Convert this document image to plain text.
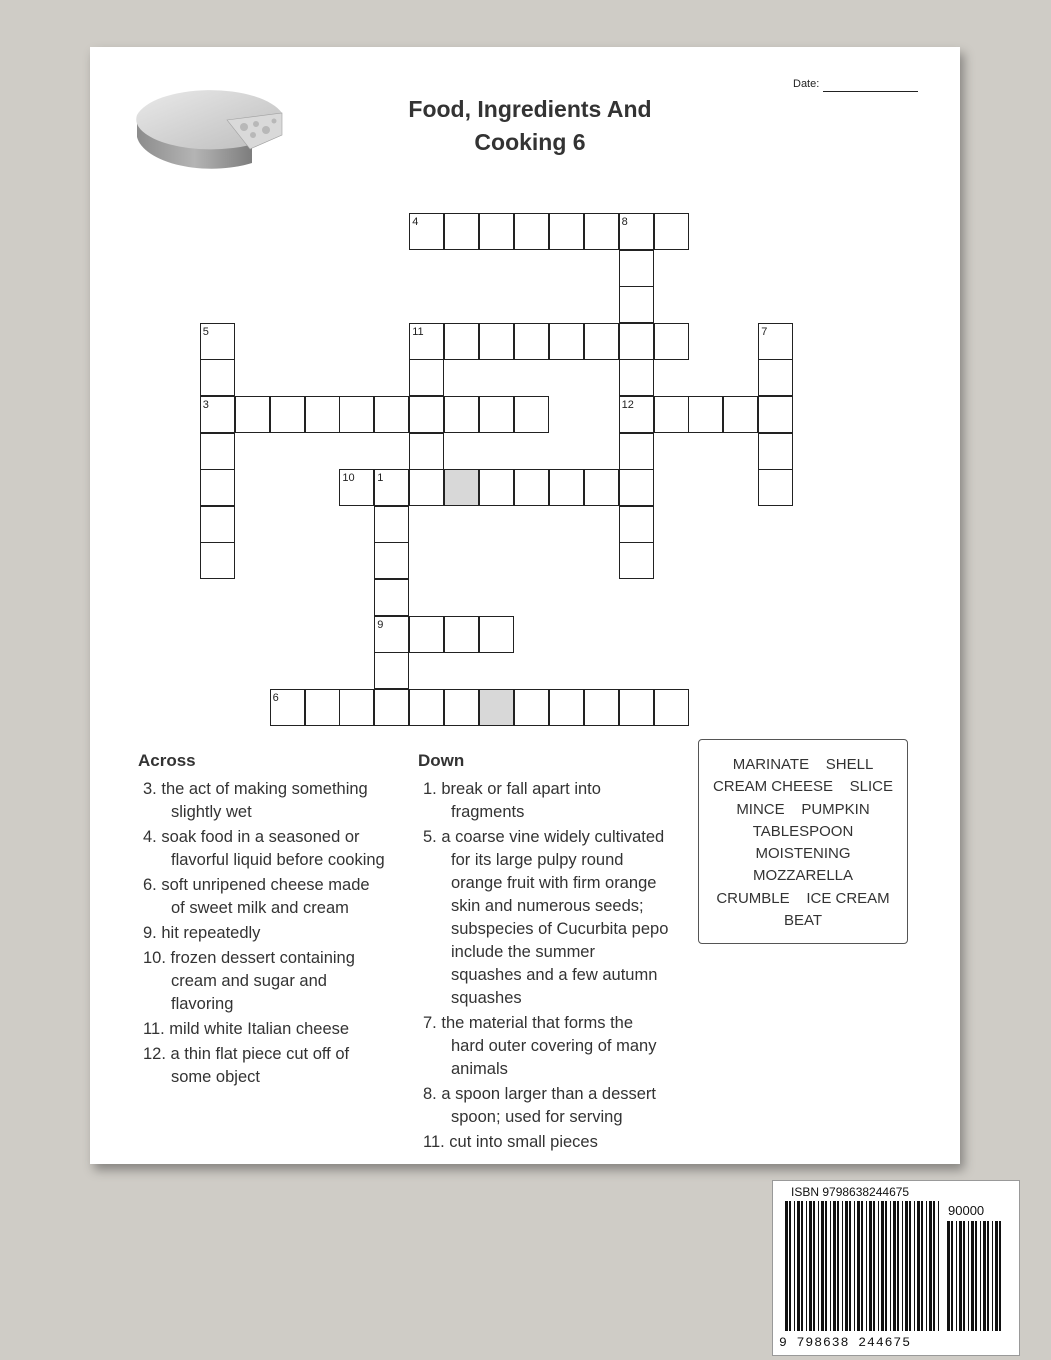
Date:
Food, Ingredients And
Cooking 6
4	8
5	11	7
3	12
10 1
9
6
Across	Down
3. the act of making something
slightly wet
4. soak food in a seasoned or
flavorful liquid before cooking
6. soft unripened cheese made
of sweet milk and cream
9. hit repeatedly
10. frozen dessert containing
cream and sugar and
flavoring
11. mild white Italian cheese
12. a thin flat piece cut off of
some object
1. break or fall apart into
fragments
5. a coarse vine widely cultivated
for its large pulpy round
orange fruit with firm orange
skin and numerous seeds;
subspecies of Cucurbita pepo
include the summer
squashes and a few autumn
squashes
7. the material that forms the
hard outer covering of many
animals
8. a spoon larger than a dessert
spoon; used for serving
11. cut into small pieces
MARINATE    SHELL
CREAM CHEESE    SLICE
MINCE    PUMPKIN
TABLESPOON
MOISTENING
MOZZARELLA
CRUMBLE    ICE CREAM
BEAT
ISBN 9798638244675
90000
9 798638 244675
